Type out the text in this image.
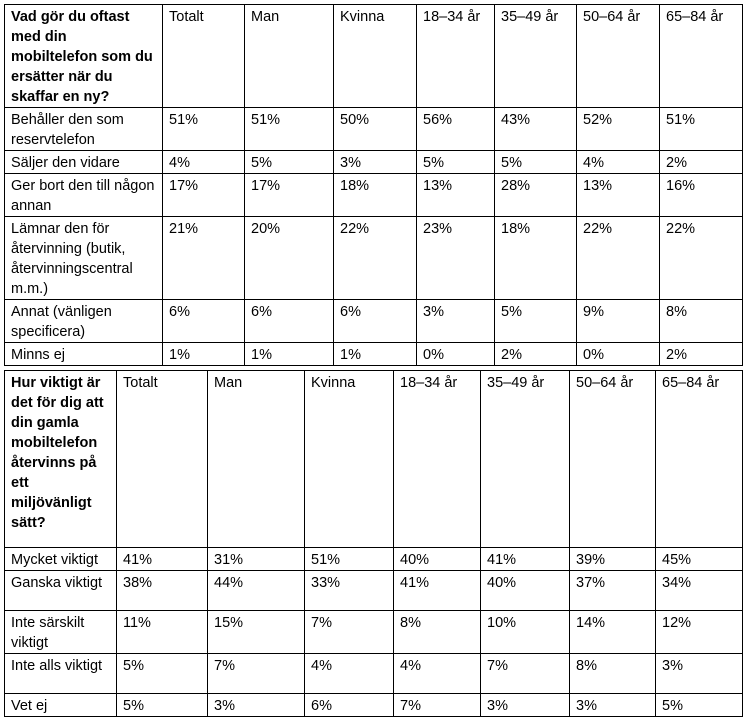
Vad gör du oftast med din mobiltelefon som du ersätter när du skaffar en ny?	Totalt	Man	Kvinna	18–34 år	35–49 år	50–64 år	65–84 år
Behåller den som reservtelefon	51%	51%	50%	56%	43%	52%	51%
Säljer den vidare	4%	5%	3%	5%	5%	4%	2%
Ger bort den till någon annan	17%	17%	18%	13%	28%	13%	16%
Lämnar den för återvinning (butik, återvinningscentral m.m.)	21%	20%	22%	23%	18%	22%	22%
Annat (vänligen specificera)	6%	6%	6%	3%	5%	9%	8%
Minns ej	1%	1%	1%	0%	2%	0%	2%
Hur viktigt är det för dig att din gamla mobiltelefon återvinns på ett miljövänligt sätt?	Totalt	Man	Kvinna	18–34 år	35–49 år	50–64 år	65–84 år
Mycket viktigt	41%	31%	51%	40%	41%	39%	45%
Ganska viktigt	38%	44%	33%	41%	40%	37%	34%
Inte särskilt viktigt	11%	15%	7%	8%	10%	14%	12%
Inte alls viktigt	5%	7%	4%	4%	7%	8%	3%
Vet ej	5%	3%	6%	7%	3%	3%	5%
